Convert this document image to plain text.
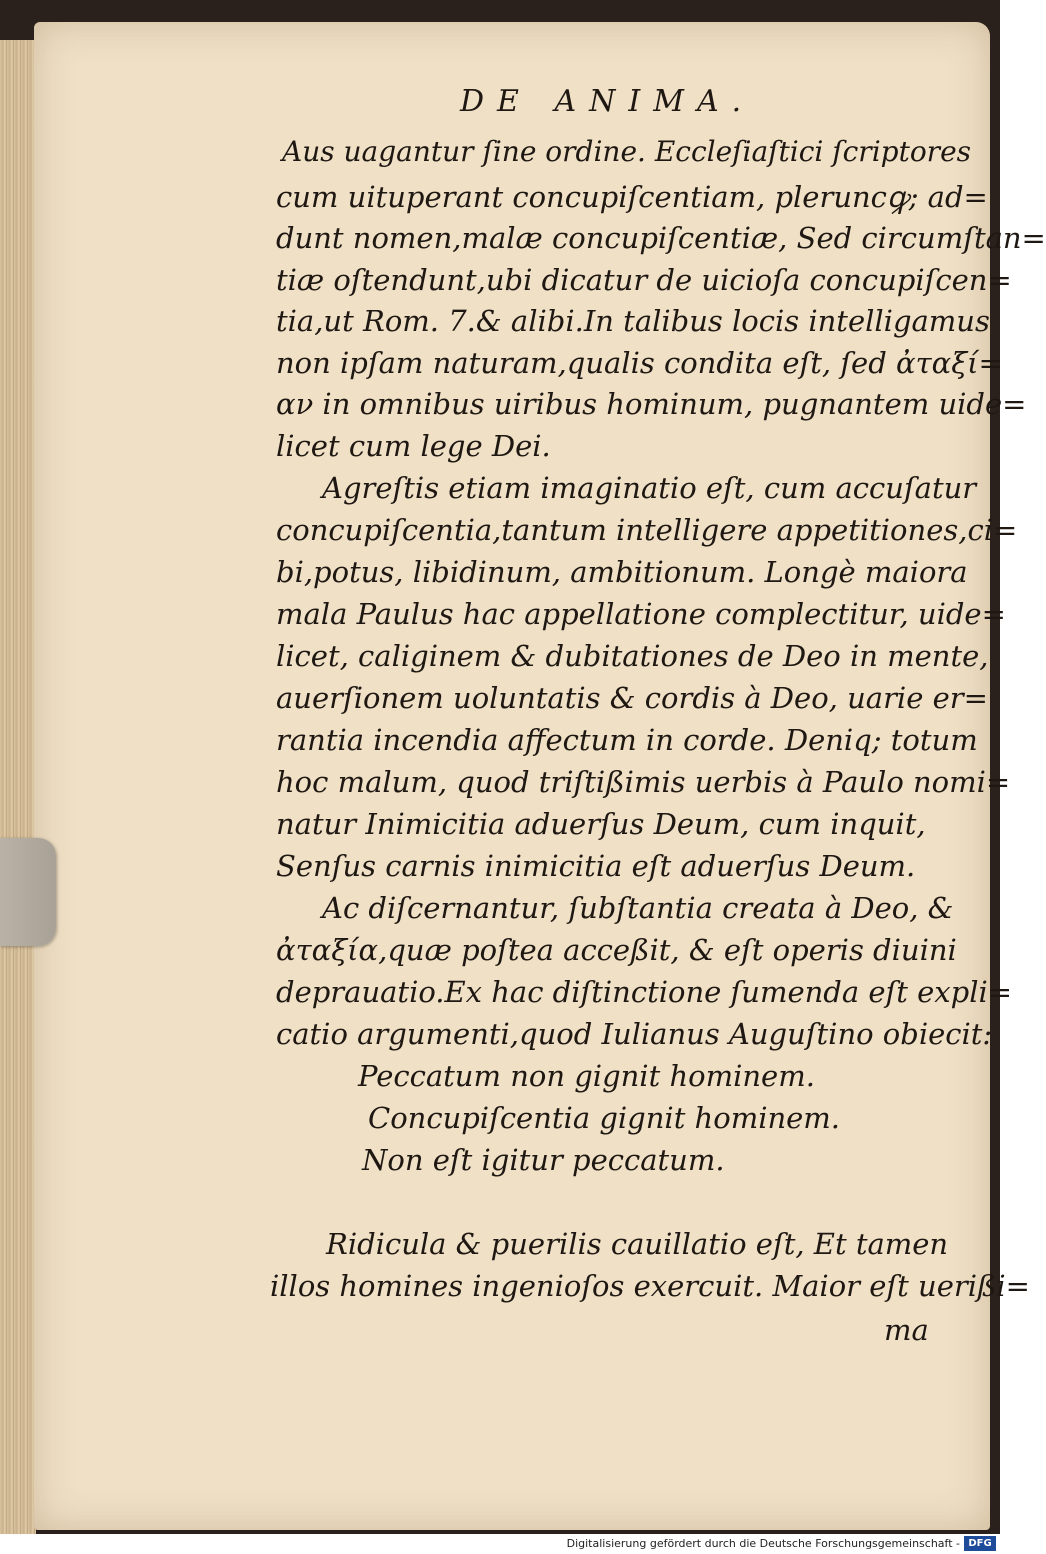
DE ANIMA.

Aus uagantur ſine ordine. Eccleſiaſtici ſcriptores

cum uituperant concupiſcentiam, pleruncꝙ; ad=

dunt nomen,malæ concupiſcentiæ, Sed circumſtan=

tiæ oſtendunt,ubi dicatur de uicioſa concupiſcen=

tia,ut Rom. 7.& alibi.In talibus locis intelligamus

non ipſam naturam,qualis condita eſt, ſed ἀταξί=

αν in omnibus uiribus hominum, pugnantem uide=

licet cum lege Dei.

Agreſtis etiam imaginatio eſt, cum accuſatur

concupiſcentia,tantum intelligere appetitiones,ci=

bi,potus, libidinum, ambitionum. Longè maiora

mala Paulus hac appellatione complectitur, uide=

licet, caliginem & dubitationes de Deo in mente,

auerſionem uoluntatis & cordis à Deo, uarie er=

rantia incendia affectum in corde. Deniq; totum

hoc malum, quod triſtißimis uerbis à Paulo nomi=

natur Inimicitia aduerſus Deum, cum inquit,

Senſus carnis inimicitia eſt aduerſus Deum.

Ac diſcernantur, ſubſtantia creata à Deo, &

ἀταξία,quæ poſtea acceßit, & eſt operis diuini

deprauatio.Ex hac diſtinctione ſumenda eſt expli=

catio argumenti,quod Iulianus Auguſtino obiecit:

Peccatum non gignit hominem.

Concupiſcentia gignit hominem.

Non eſt igitur peccatum.

Ridicula & puerilis cauillatio eſt, Et tamen

illos homines ingenioſos exercuit. Maior eſt uerißi=

ma

Digitalisierung gefördert durch die Deutsche Forschungsgemeinschaft - DFG
